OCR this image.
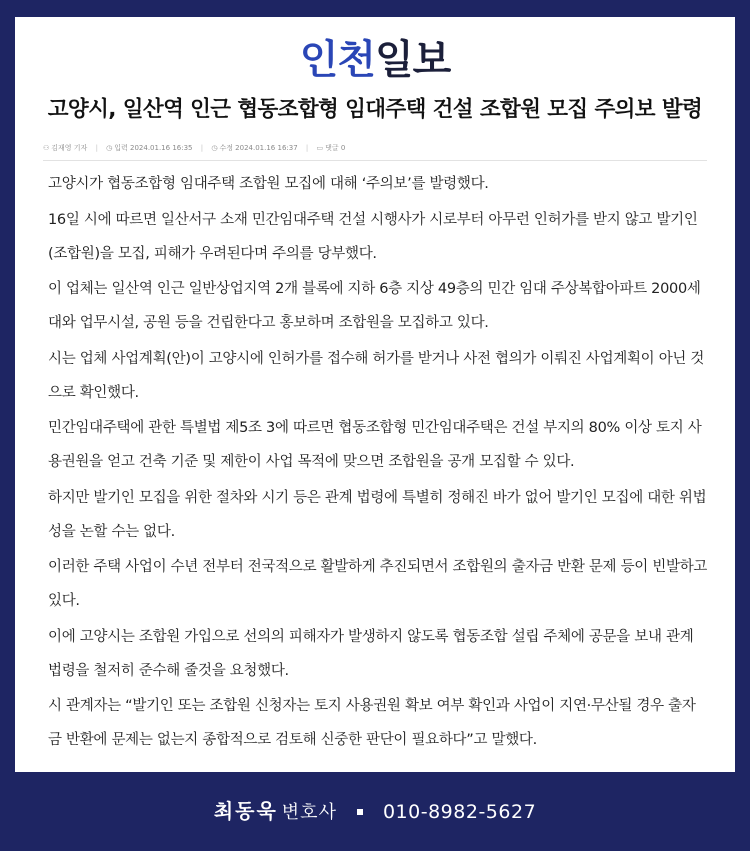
인천일보
고양시, 일산역 인근 협동조합형 임대주택 건설 조합원 모집 주의보 발령
⚇ 김재영 기자 | ◷ 입력 2024.01.16 16:35 | ◷ 수정 2024.01.16 16:37 | ▭ 댓글 0

고양시가 협동조합형 임대주택 조합원 모집에 대해 ‘주의보’를 발령했다.

16일 시에 따르면 일산서구 소재 민간임대주택 건설 시행사가 시로부터 아무런 인허가를 받지 않고 발기인(조합원)을 모집, 피해가 우려된다며 주의를 당부했다.

이 업체는 일산역 인근 일반상업지역 2개 블록에 지하 6층 지상 49층의 민간 임대 주상복합아파트 2000세대와 업무시설, 공원 등을 건립한다고 홍보하며 조합원을 모집하고 있다.

시는 업체 사업계획(안)이 고양시에 인허가를 접수해 허가를 받거나 사전 협의가 이뤄진 사업계획이 아닌 것으로 확인했다.

민간임대주택에 관한 특별법 제5조 3에 따르면 협동조합형 민간임대주택은 건설 부지의 80% 이상 토지 사용권원을 얻고 건축 기준 및 제한이 사업 목적에 맞으면 조합원을 공개 모집할 수 있다.

하지만 발기인 모집을 위한 절차와 시기 등은 관계 법령에 특별히 정해진 바가 없어 발기인 모집에 대한 위법성을 논할 수는 없다.

이러한 주택 사업이 수년 전부터 전국적으로 활발하게 추진되면서 조합원의 출자금 반환 문제 등이 빈발하고 있다.

이에 고양시는 조합원 가입으로 선의의 피해자가 발생하지 않도록 협동조합 설립 주체에 공문을 보내 관계 법령을 철저히 준수해 줄것을 요청했다.

시 관계자는 “발기인 또는 조합원 신청자는 토지 사용권원 확보 여부 확인과 사업이 지연·무산될 경우 출자금 반환에 문제는 없는지 종합적으로 검토해 신중한 판단이 필요하다”고 말했다.

최동욱 변호사 010-8982-5627
